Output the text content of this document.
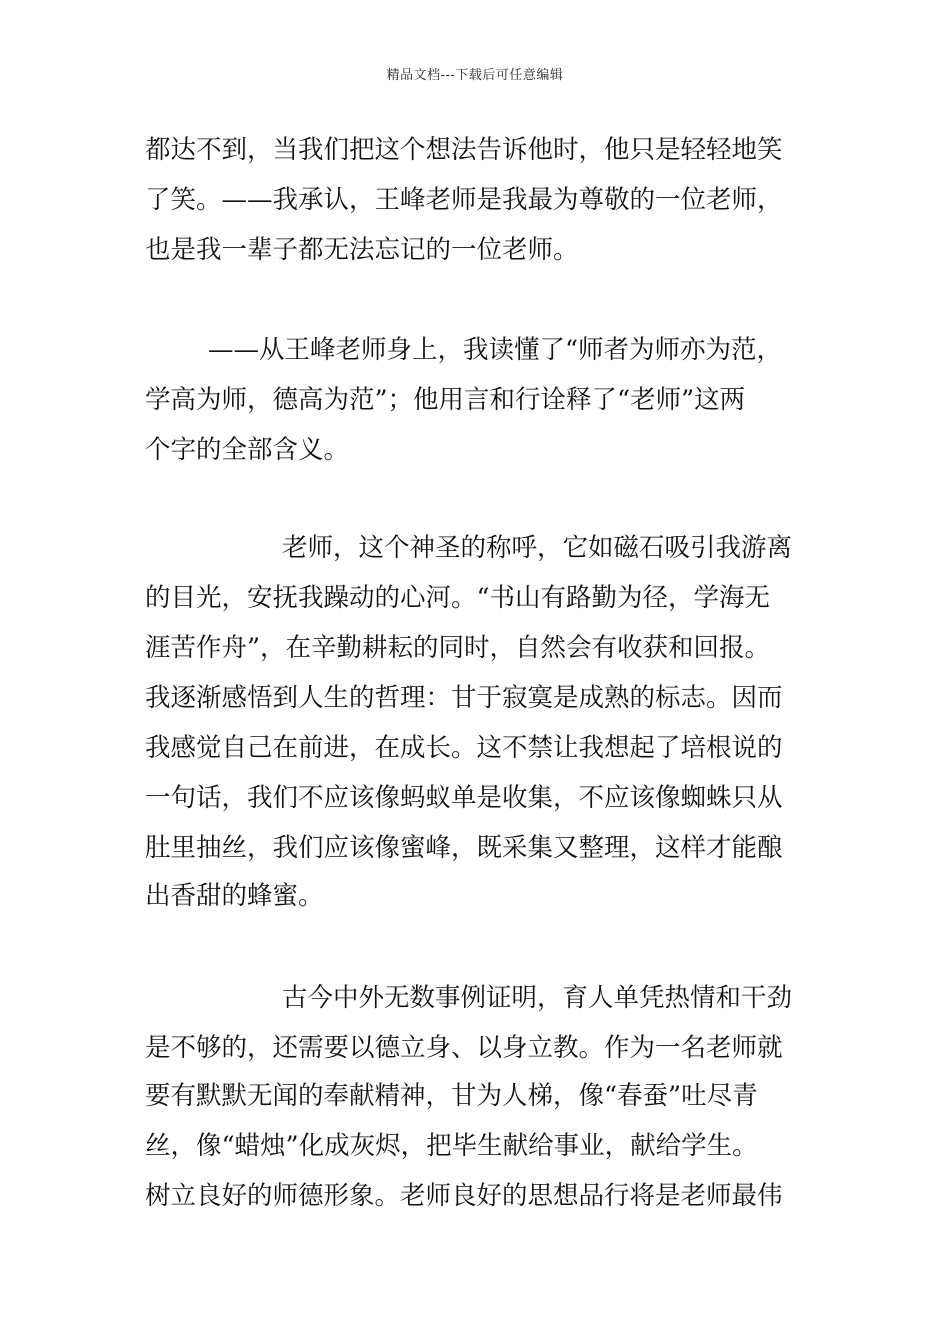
精品文档---下载后可任意编辑
都达不到，当我们把这个想法告诉他时，他只是轻轻地笑
了笑。——我承认，王峰老师是我最为尊敬的一位老师，
也是我一辈子都无法忘记的一位老师。
——从王峰老师身上，我读懂了“师者为师亦为范，
学高为师，德高为范”；他用言和行诠释了“老师”这两
个字的全部含义。
老师，这个神圣的称呼，它如磁石吸引我游离
的目光，安抚我躁动的心河。“书山有路勤为径，学海无
涯苦作舟”，在辛勤耕耘的同时，自然会有收获和回报。
我逐渐感悟到人生的哲理：甘于寂寞是成熟的标志。因而
我感觉自己在前进，在成长。这不禁让我想起了培根说的
一句话，我们不应该像蚂蚁单是收集，不应该像蜘蛛只从
肚里抽丝，我们应该像蜜峰，既采集又整理，这样才能酿
出香甜的蜂蜜。
古今中外无数事例证明，育人单凭热情和干劲
是不够的，还需要以德立身、以身立教。作为一名老师就
要有默默无闻的奉献精神，甘为人梯，像“春蚕”吐尽青
丝，像“蜡烛”化成灰烬，把毕生献给事业，献给学生。
树立良好的师德形象。老师良好的思想品行将是老师最伟
